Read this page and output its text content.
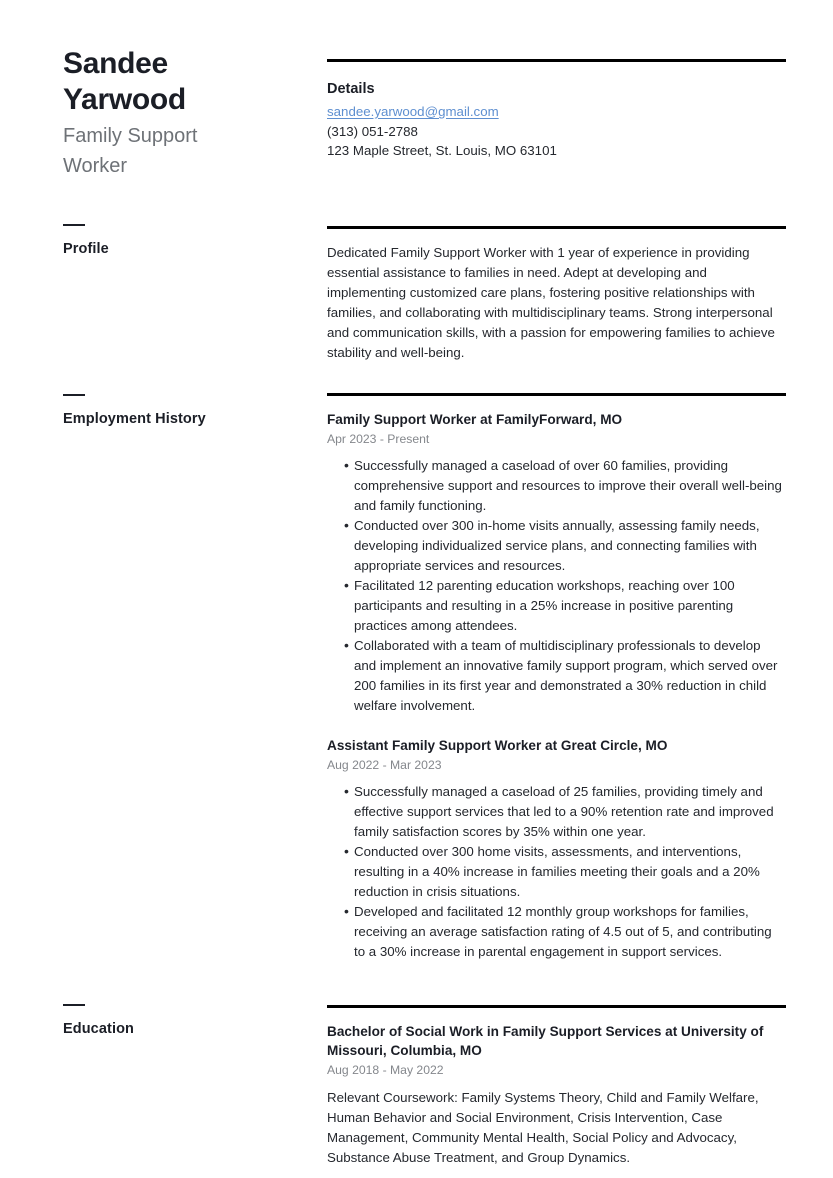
Sandee
Yarwood
Family Support Worker
Profile
Employment History
Education
Details
sandee.yarwood@gmail.com
(313) 051-2788
123 Maple Street, St. Louis, MO 63101

Dedicated Family Support Worker with 1 year of experience in providing essential assistance to families in need. Adept at developing and implementing customized care plans, fostering positive relationships with families, and collaborating with multidisciplinary teams. Strong interpersonal and communication skills, with a passion for empowering families to achieve stability and well-being.

Family Support Worker at FamilyForward, MO
Apr 2023 - Present
• Successfully managed a caseload of over 60 families, providing comprehensive support and resources to improve their overall well-being and family functioning.
• Conducted over 300 in-home visits annually, assessing family needs, developing individualized service plans, and connecting families with appropriate services and resources.
• Facilitated 12 parenting education workshops, reaching over 100 participants and resulting in a 25% increase in positive parenting practices among attendees.
• Collaborated with a team of multidisciplinary professionals to develop and implement an innovative family support program, which served over 200 families in its first year and demonstrated a 30% reduction in child welfare involvement.
Assistant Family Support Worker at Great Circle, MO
Aug 2022 - Mar 2023
• Successfully managed a caseload of 25 families, providing timely and effective support services that led to a 90% retention rate and improved family satisfaction scores by 35% within one year.
• Conducted over 300 home visits, assessments, and interventions, resulting in a 40% increase in families meeting their goals and a 20% reduction in crisis situations.
• Developed and facilitated 12 monthly group workshops for families, receiving an average satisfaction rating of 4.5 out of 5, and contributing to a 30% increase in parental engagement in support services.
Bachelor of Social Work in Family Support Services at University of Missouri, Columbia, MO
Aug 2018 - May 2022

Relevant Coursework: Family Systems Theory, Child and Family Welfare, Human Behavior and Social Environment, Crisis Intervention, Case Management, Community Mental Health, Social Policy and Advocacy, Substance Abuse Treatment, and Group Dynamics.
